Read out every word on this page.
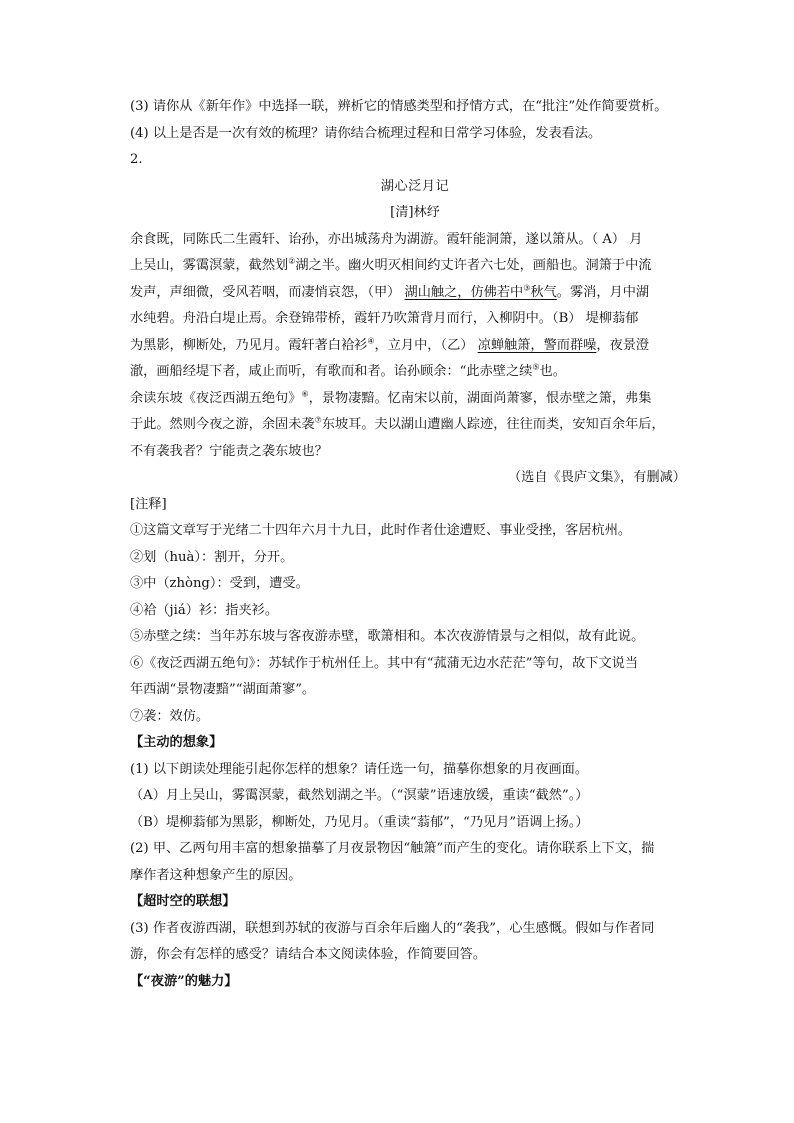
(3) 请你从《新年作》中选择一联，辨析它的情感类型和抒情方式，在“批注”处作简要赏析。

(4) 以上是否是一次有效的梳理？请你结合梳理过程和日常学习体验，发表看法。

2.

湖心泛月记

[清]林纾

余食既，同陈氏二生霞轩、诒孙，亦出城荡舟为湖游。霞轩能洞箫，遂以箫从。（ A） 月

上吴山，雾霭溟蒙，截然划②湖之半。幽火明灭相间约丈许者六七处，画船也。洞箫于中流

发声，声细微，受风若咽，而凄悄哀怨，（甲） 湖山触之，仿佛若中③秋气。雾消，月中湖

水纯碧。舟沿白堤止焉。余登锦带桥，霞轩乃吹箫背月而行，入柳阴中。（B） 堤柳蓊郁

为黑影，柳断处，乃见月。霞轩著白袷衫④，立月中，（乙） 凉蝉触箫，警而群噪，夜景澄

澈，画船经堤下者，咸止而听，有歌而和者。诒孙顾余：“此赤壁之续⑤也。

余读东坡《夜泛西湖五绝句》⑥，景物凄黯。忆南宋以前，湖面尚萧寥，恨赤壁之箫，弗集

于此。然则今夜之游，余固未袭⑦东坡耳。夫以湖山遭幽人踪迹，往往而类，安知百余年后，

不有袭我者？宁能责之袭东坡也？

（选自《畏庐文集》，有删减）

[注释]

①这篇文章写于光绪二十四年六月十九日，此时作者仕途遭贬、事业受挫，客居杭州。

②划（huà）：割开，分开。

③中（zhòng）：受到，遭受。

④袷（jiá）衫：指夹衫。

⑤赤壁之续：当年苏东坡与客夜游赤壁，歌箫相和。本次夜游情景与之相似，故有此说。

⑥《夜泛西湖五绝句》：苏轼作于杭州任上。其中有“菰蒲无边水茫茫”等句，故下文说当

年西湖“景物凄黯”“湖面萧寥”。

⑦袭：效仿。

【主动的想象】

(1) 以下朗读处理能引起你怎样的想象？请任选一句，描摹你想象的月夜画面。

（A）月上吴山，雾霭溟蒙，截然划湖之半。（“溟蒙”语速放缓，重读“截然”。）

（B）堤柳蓊郁为黑影，柳断处，乃见月。（重读“蓊郁”，“乃见月”语调上扬。）

(2) 甲、乙两句用丰富的想象描摹了月夜景物因“触箫”而产生的变化。请你联系上下文，揣

摩作者这种想象产生的原因。

【超时空的联想】

(3) 作者夜游西湖，联想到苏轼的夜游与百余年后幽人的“袭我”，心生感慨。假如与作者同

游，你会有怎样的感受？请结合本文阅读体验，作简要回答。

【“夜游”的魅力】
